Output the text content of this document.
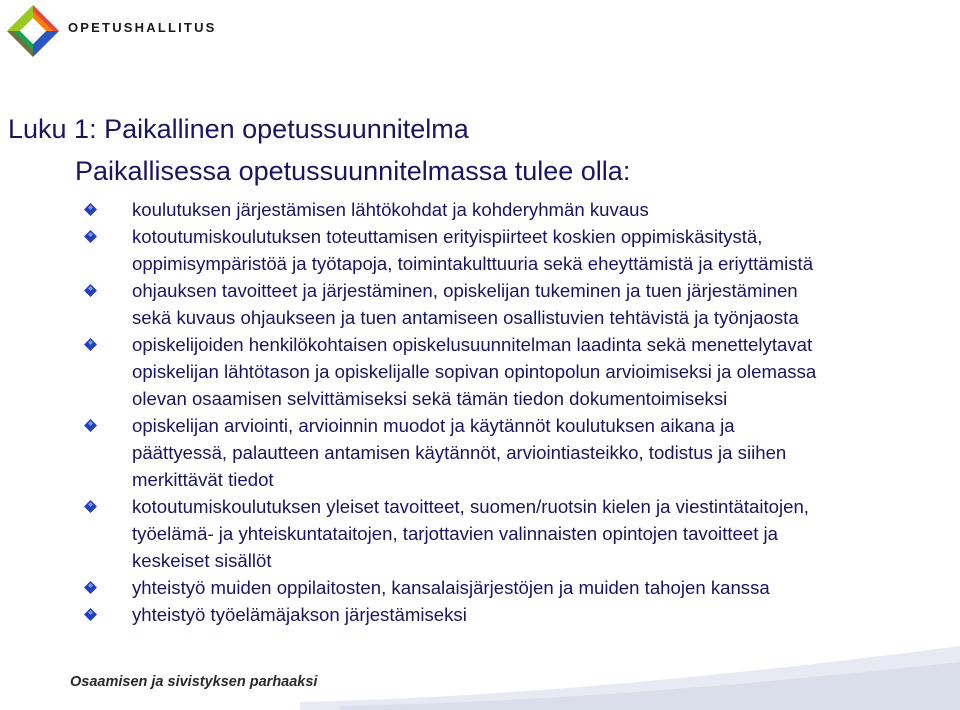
OPETUSHALLITUS
Luku 1: Paikallinen opetussuunnitelma
Paikallisessa opetussuunnitelmassa tulee olla:
koulutuksen järjestämisen lähtökohdat ja kohderyhmän kuvaus
kotoutumiskoulutuksen toteuttamisen erityispiirteet koskien oppimiskäsitystä,
oppimisympäristöä ja työtapoja, toimintakulttuuria sekä eheyttämistä ja eriyttämistä
ohjauksen tavoitteet ja järjestäminen, opiskelijan tukeminen ja tuen järjestäminen
sekä kuvaus ohjaukseen ja tuen antamiseen osallistuvien tehtävistä ja työnjaosta
opiskelijoiden henkilökohtaisen opiskelusuunnitelman laadinta sekä menettelytavat
opiskelijan lähtötason ja opiskelijalle sopivan opintopolun arvioimiseksi ja olemassa
olevan osaamisen selvittämiseksi sekä tämän tiedon dokumentoimiseksi
opiskelijan arviointi, arvioinnin muodot ja käytännöt koulutuksen aikana ja
päättyessä, palautteen antamisen käytännöt, arviointiasteikko, todistus ja siihen
merkittävät tiedot
kotoutumiskoulutuksen yleiset tavoitteet, suomen/ruotsin kielen ja viestintätaitojen,
työelämä- ja yhteiskuntataitojen, tarjottavien valinnaisten opintojen tavoitteet ja
keskeiset sisällöt
yhteistyö muiden oppilaitosten, kansalaisjärjestöjen ja muiden tahojen kanssa
yhteistyö työelämäjakson järjestämiseksi
Osaamisen ja sivistyksen parhaaksi
